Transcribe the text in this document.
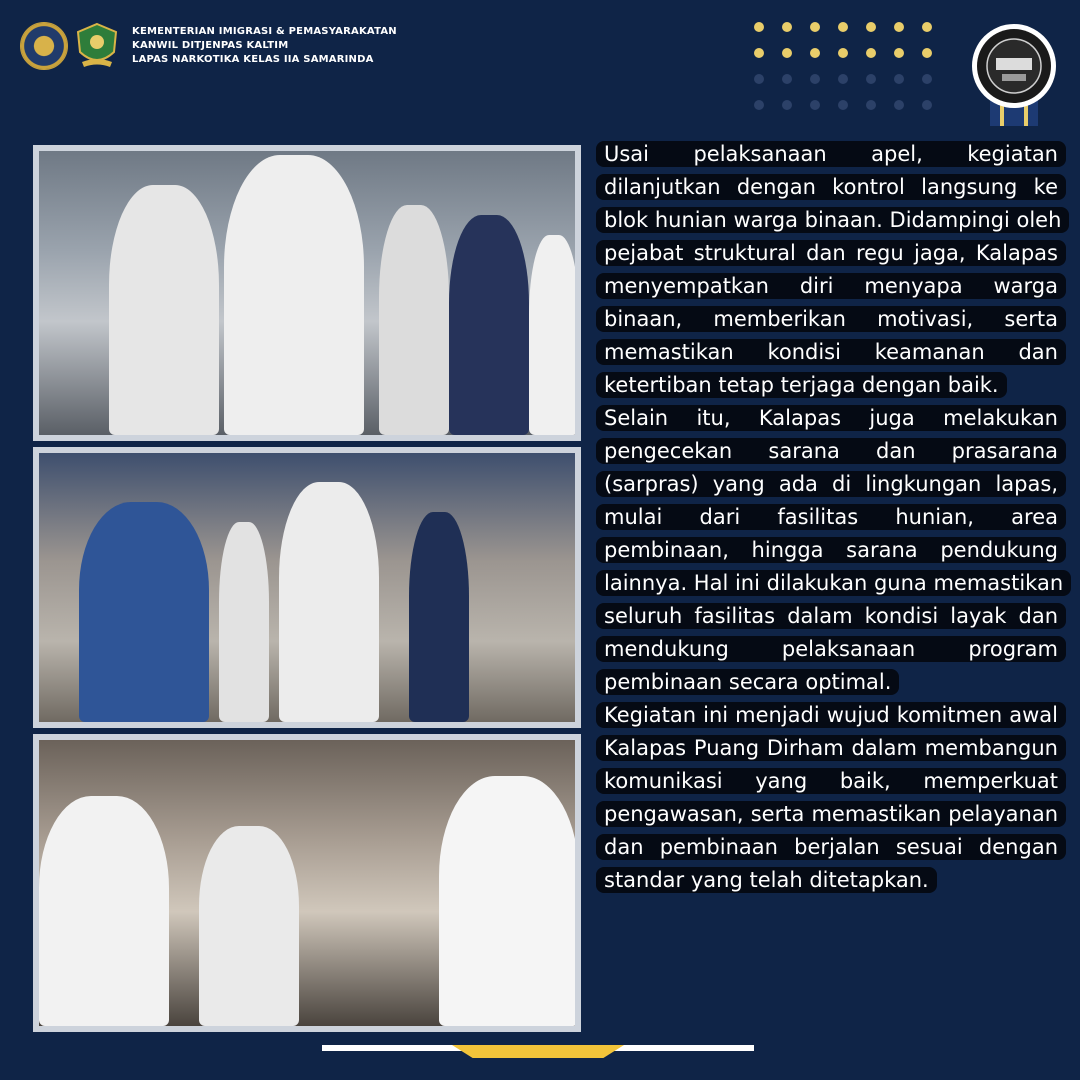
KEMENTERIAN IMIGRASI & PEMASYARAKATAN
KANWIL DITJENPAS KALTIM
LAPAS NARKOTIKA KELAS IIA SAMARINDA

Usai pelaksanaan apel, kegiatan dilanjutkan dengan kontrol langsung ke blok hunian warga binaan. Didampingi oleh pejabat struktural dan regu jaga, Kalapas menyempatkan diri menyapa warga binaan, memberikan motivasi, serta memastikan kondisi keamanan dan ketertiban tetap terjaga dengan baik.

Selain itu, Kalapas juga melakukan pengecekan sarana dan prasarana (sarpras) yang ada di lingkungan lapas, mulai dari fasilitas hunian, area pembinaan, hingga sarana pendukung lainnya. Hal ini dilakukan guna memastikan seluruh fasilitas dalam kondisi layak dan mendukung pelaksanaan program pembinaan secara optimal.

Kegiatan ini menjadi wujud komitmen awal Kalapas Puang Dirham dalam membangun komunikasi yang baik, memperkuat pengawasan, serta memastikan pelayanan dan pembinaan berjalan sesuai dengan standar yang telah ditetapkan.
